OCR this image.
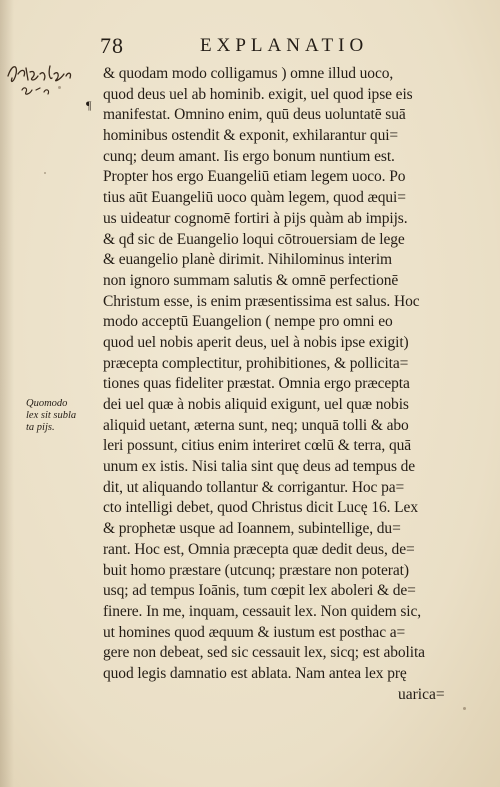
78	EXPLANATIO
¶
Quomodo
lex sit subla
ta pijs.
& quodam modo colligamus ) omne illud uoco,
quod deus uel ab hominib. exigit, uel quod ipse eis
manifestat. Omnino enim, quū deus uoluntatē suā
hominibus ostendit & exponit, exhilarantur qui=
cunq; deum amant. Iis ergo bonum nuntium est.
Propter hos ergo Euangeliū etiam legem uoco. Po
tius aūt Euangeliū uoco quàm legem, quod æqui=
us uideatur cognomē fortiri à pijs quàm ab impijs.
& qđ sic de Euangelio loqui cōtrouersiam de lege
& euangelio planè dirimit. Nihilominus interim
non ignoro summam salutis & omnē perfectionē
Christum esse, is enim præsentissima est salus. Hoc
modo acceptū Euangelion ( nempe pro omni eo
quod uel nobis aperit deus, uel à nobis ipse exigit)
præcepta complectitur, prohibitiones, & pollicita=
tiones quas fideliter præstat. Omnia ergo præcepta
dei uel quæ à nobis aliquid exigunt, uel quæ nobis
aliquid uetant, æterna sunt, neq; unquā tolli & abo
leri possunt, citius enim interiret cœlū & terra, quā
unum ex istis. Nisi talia sint quę deus ad tempus de
dit, ut aliquando tollantur & corrigantur. Hoc pa=
cto intelligi debet, quod Christus dicit Lucę 16. Lex
& prophetæ usque ad Ioannem, subintellige, du=
rant. Hoc est, Omnia præcepta quæ dedit deus, de=
buit homo præstare (utcunq; præstare non poterat)
usq; ad tempus Ioānis, tum cœpit lex aboleri & de=
finere. In me, inquam, cessauit lex. Non quidem sic,
ut homines quod æquum & iustum est posthac a=
gere non debeat, sed sic cessauit lex, sicq; est abolita
quod legis damnatio est ablata. Nam antea lex prę
uarica=
